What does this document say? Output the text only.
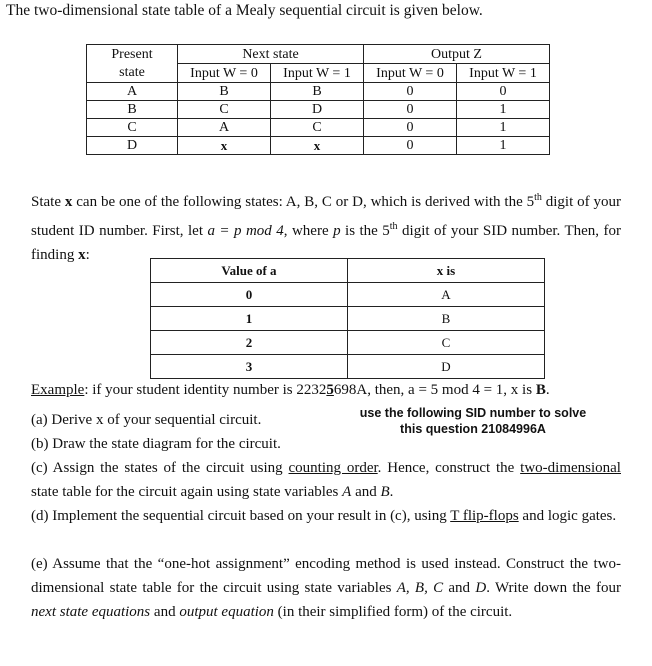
The two-dimensional state table of a Mealy sequential circuit is given below.
Present	Next state		Output Z	
state	Input W = 0	Input W = 1	Input W = 0	Input W = 1
A	B	B	0	0
B	C	D	0	1
C	A	C	0	1
D	x	x	0	1
State x can be one of the following states: A, B, C or D, which is derived with the 5th digit of your student ID number. First, let a = p mod 4, where p is the 5th digit of your SID number. Then, for finding x:
Value of a	x is
0	A
1	B
2	C
3	D
Example: if your student identity number is 22325698A, then, a = 5 mod 4 = 1, x is B.
use the following SID number to solve this question 21084996A
(a) Derive x of your sequential circuit.
(b) Draw the state diagram for the circuit.
(c) Assign the states of the circuit using counting order. Hence, construct the two-dimensional state table for the circuit again using state variables A and B.
(d) Implement the sequential circuit based on your result in (c), using T flip-flops and logic gates.
(e) Assume that the “one-hot assignment” encoding method is used instead. Construct the two-dimensional state table for the circuit using state variables A, B, C and D. Write down the four next state equations and output equation (in their simplified form) of the circuit.
